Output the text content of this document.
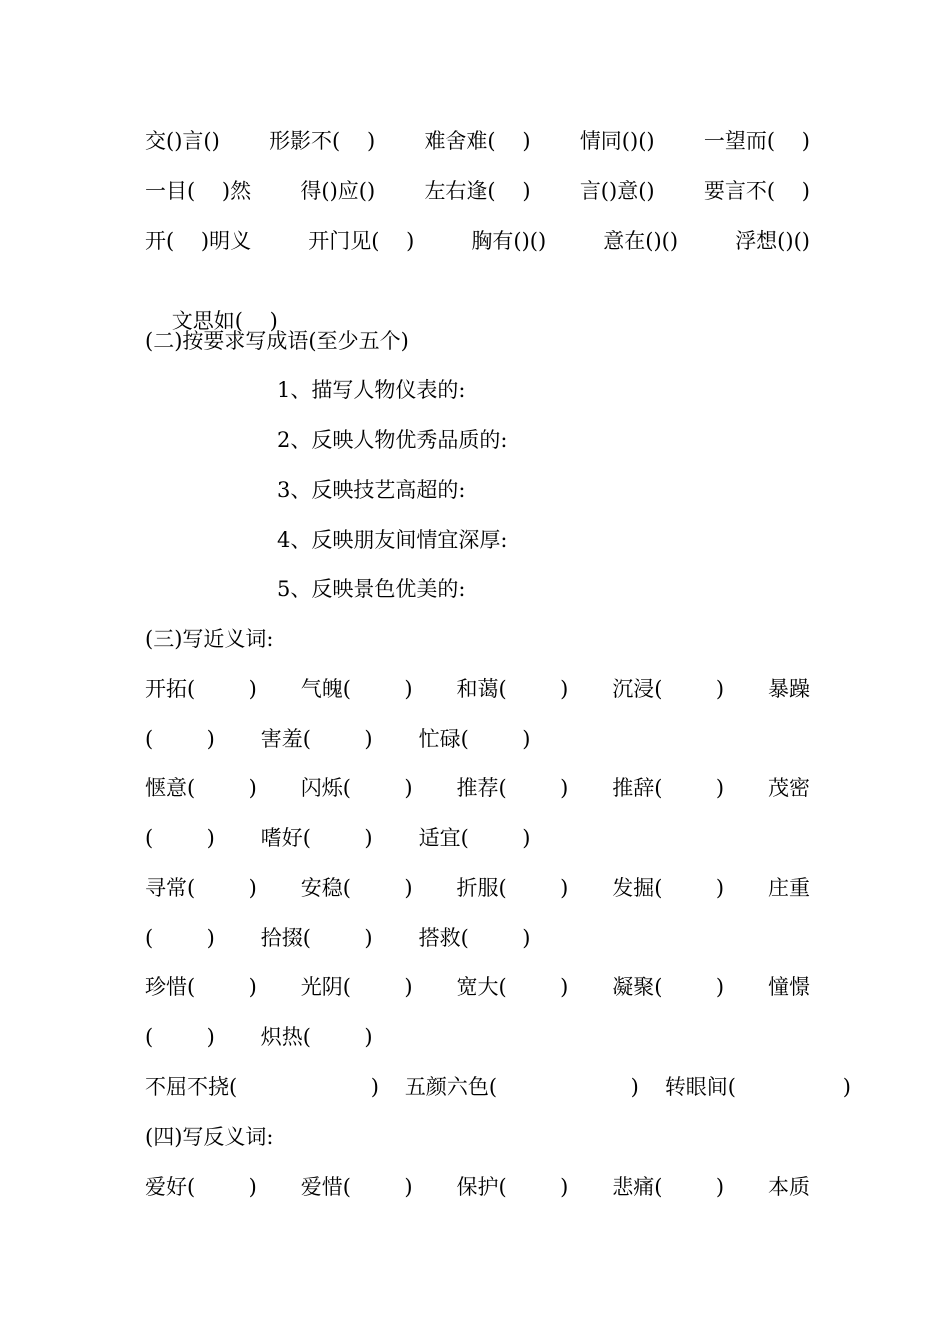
交()言() 形影不(    ) 难舍难(    ) 情同()() 一望而(    )
一目(    )然 得()应() 左右逢(    ) 言()意() 要言不(    )
开(    )明义	开门见(    )	胸有()()	意在()()	浮想()()

文思如(    )

(二)按要求写成语(至少五个)
1、描写人物仪表的:
2、反映人物优秀品质的:
3、反映技艺高超的:
4、反映朋友间情宜深厚:
5、反映景色优美的:
(三)写近义词:
开拓(        ) 气魄(        ) 和蔼(        ) 沉浸(        ) 暴躁
(        ) 害羞(        ) 忙碌(        )
惬意(        ) 闪烁(        ) 推荐(        ) 推辞(        ) 茂密
(        ) 嗜好(        ) 适宜(        )
寻常(        ) 安稳(        ) 折服(        ) 发掘(        ) 庄重
(        ) 拾掇(        ) 搭救(        )
珍惜(        ) 光阴(        ) 宽大(        ) 凝聚(        ) 憧憬
(        ) 炽热(        )
不屈不挠(                    ) 五颜六色(                    ) 转眼间(                )
(四)写反义词:
爱好(        ) 爱惜(        ) 保护(        ) 悲痛(        ) 本质
